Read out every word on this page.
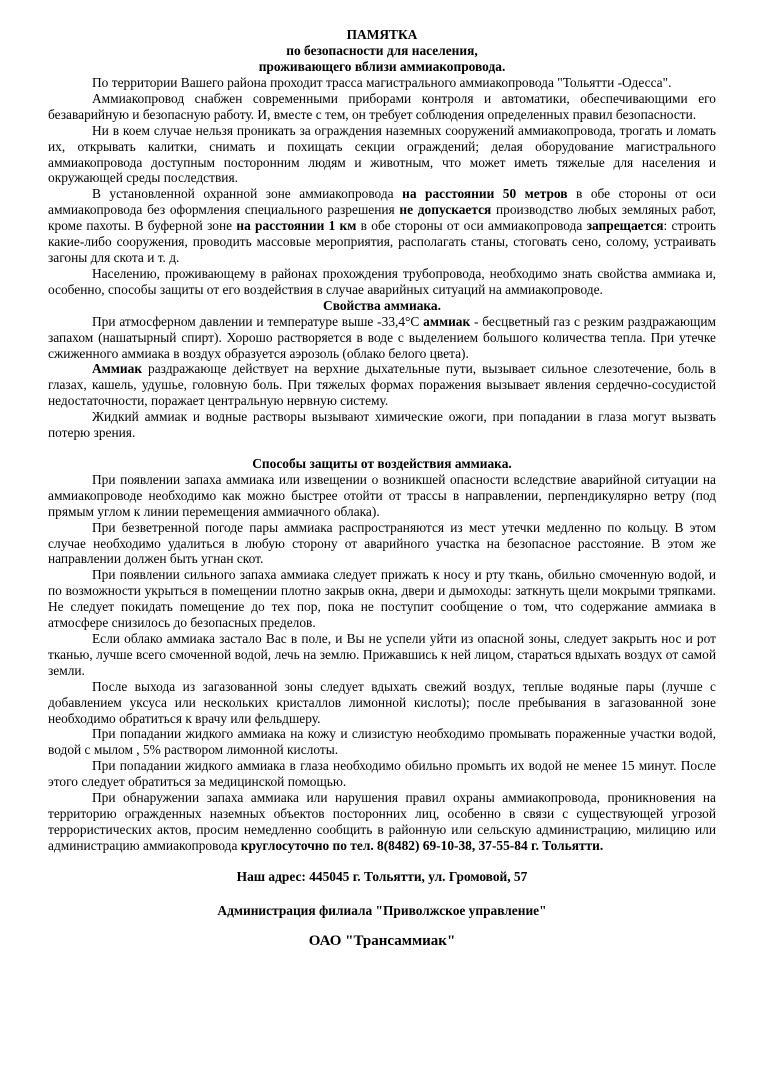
ПАМЯТКА

по безопасности для населения,

проживающего вблизи аммиакопровода.

По территории Вашего района проходит трасса магистрального аммиакопровода "Тольятти -Одесса".

Аммиакопровод снабжен современными приборами контроля и автоматики, обеспечивающими его безаварийную и безопасную работу. И, вместе с тем, он требует соблюдения определенных правил безопасности.

Ни в коем случае нельзя проникать за ограждения наземных сооружений аммиакопровода, трогать и ломать их, открывать калитки, снимать и похищать секции ограждений; делая оборудование магистрального аммиакопровода доступным посторонним людям и животным, что может иметь тяжелые для населения и окружающей среды последствия.

В установленной охранной зоне аммиакопровода на расстоянии 50 метров в обе стороны от оси аммиакопровода без оформления специального разрешения не допускается производство любых земляных работ, кроме пахоты. В буферной зоне на расстоянии 1 км в обе стороны от оси аммиакопровода запрещается: строить какие-либо сооружения, проводить массовые мероприятия, располагать станы, стоговать сено, солому, устраивать загоны для скота и т. д.

Населению, проживающему в районах прохождения трубопровода, необходимо знать свойства аммиака и, особенно, способы защиты от его воздействия в случае аварийных ситуаций на аммиакопроводе.

Свойства аммиака.

При атмосферном давлении и температуре выше -33,4°С аммиак - бесцветный газ с резким раздражающим запахом (нашатырный спирт). Хорошо растворяется в воде с выделением большого количества тепла. При утечке сжиженного аммиака в воздух образуется аэрозоль (облако белого цвета).

Аммиак раздражающе действует на верхние дыхательные пути, вызывает сильное слезотечение, боль в глазах, кашель, удушье, головную боль. При тяжелых формах поражения вызывает явления сердечно-сосудистой недостаточности, поражает центральную нервную систему.

Жидкий аммиак и водные растворы вызывают химические ожоги, при попадании в глаза могут вызвать потерю зрения.

Способы защиты от воздействия аммиака.

При появлении запаха аммиака или извещении о возникшей опасности вследствие аварийной ситуации на аммиакопроводе необходимо как можно быстрее отойти от трассы в направлении, перпендикулярно ветру (под прямым углом к линии перемещения аммиачного облака).

При безветренной погоде пары аммиака распространяются из мест утечки медленно по кольцу. В этом случае необходимо удалиться в любую сторону от аварийного участка на безопасное расстояние. В этом же направлении должен быть угнан скот.

При появлении сильного запаха аммиака следует прижать к носу и рту ткань, обильно смоченную водой, и по возможности укрыться в помещении плотно закрыв окна, двери и дымоходы: заткнуть щели мокрыми тряпками. Не следует покидать помещение до тех пор, пока не поступит сообщение о том, что содержание аммиака в атмосфере снизилось до безопасных пределов.

Если облако аммиака застало Вас в поле, и Вы не успели уйти из опасной зоны, следует закрыть нос и рот тканью, лучше всего смоченной водой, лечь на землю. Прижавшись к ней лицом, стараться вдыхать воздух от самой земли.

После выхода из загазованной зоны следует вдыхать свежий воздух, теплые водяные пары (лучше с добавлением уксуса или нескольких кристаллов лимонной кислоты); после пребывания в загазованной зоне необходимо обратиться к врачу или фельдшеру.

При попадании жидкого аммиака на кожу и слизистую необходимо промывать пораженные участки водой, водой с мылом , 5% раствором лимонной кислоты.

При попадании жидкого аммиака в глаза необходимо обильно промыть их водой не менее 15 минут. После этого следует обратиться за медицинской помощью.

При обнаружении запаха аммиака или нарушения правил охраны аммиакопровода, проникновения на территорию огражденных наземных объектов посторонних лиц, особенно в связи с существующей угрозой террористических актов, просим немедленно сообщить в районную или сельскую администрацию, милицию или администрацию аммиакопровода круглосуточно по тел. 8(8482) 69-10-38, 37-55-84 г. Тольятти.

Наш адрес: 445045 г. Тольятти, ул. Громовой, 57

Администрация филиала "Приволжское управление"

ОАО "Трансаммиак"
